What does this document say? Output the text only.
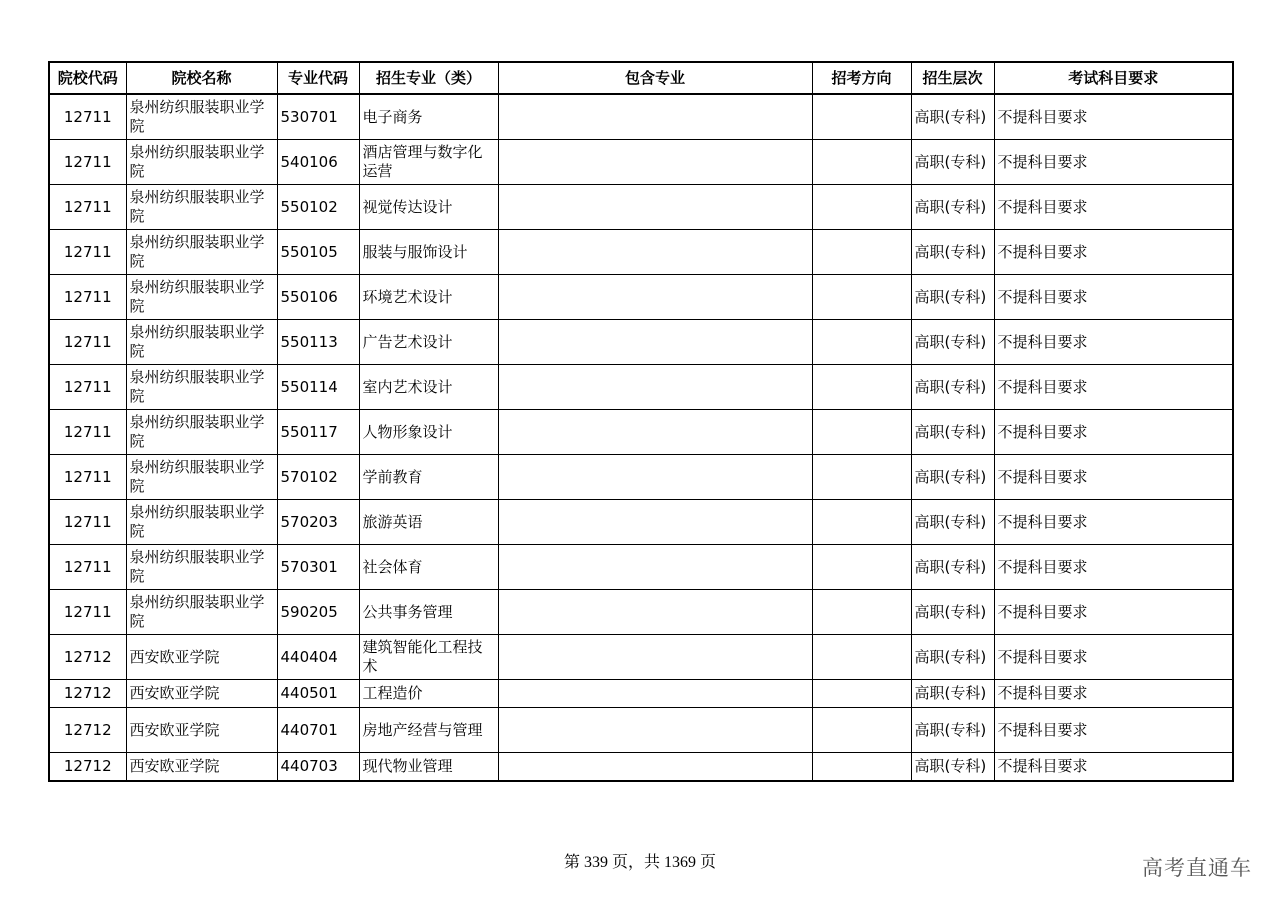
院校代码	院校名称	专业代码	招生专业（类）	包含专业	招考方向	招生层次	考试科目要求
12711	泉州纺织服装职业学院	530701	电子商务			高职(专科)	不提科目要求
12711	泉州纺织服装职业学院	540106	酒店管理与数字化运营			高职(专科)	不提科目要求
12711	泉州纺织服装职业学院	550102	视觉传达设计			高职(专科)	不提科目要求
12711	泉州纺织服装职业学院	550105	服装与服饰设计			高职(专科)	不提科目要求
12711	泉州纺织服装职业学院	550106	环境艺术设计			高职(专科)	不提科目要求
12711	泉州纺织服装职业学院	550113	广告艺术设计			高职(专科)	不提科目要求
12711	泉州纺织服装职业学院	550114	室内艺术设计			高职(专科)	不提科目要求
12711	泉州纺织服装职业学院	550117	人物形象设计			高职(专科)	不提科目要求
12711	泉州纺织服装职业学院	570102	学前教育			高职(专科)	不提科目要求
12711	泉州纺织服装职业学院	570203	旅游英语			高职(专科)	不提科目要求
12711	泉州纺织服装职业学院	570301	社会体育			高职(专科)	不提科目要求
12711	泉州纺织服装职业学院	590205	公共事务管理			高职(专科)	不提科目要求
12712	西安欧亚学院	440404	建筑智能化工程技术			高职(专科)	不提科目要求
12712	西安欧亚学院	440501	工程造价			高职(专科)	不提科目要求
12712	西安欧亚学院	440701	房地产经营与管理			高职(专科)	不提科目要求
12712	西安欧亚学院	440703	现代物业管理			高职(专科)	不提科目要求
第 339 页，共 1369 页	高考直通车
